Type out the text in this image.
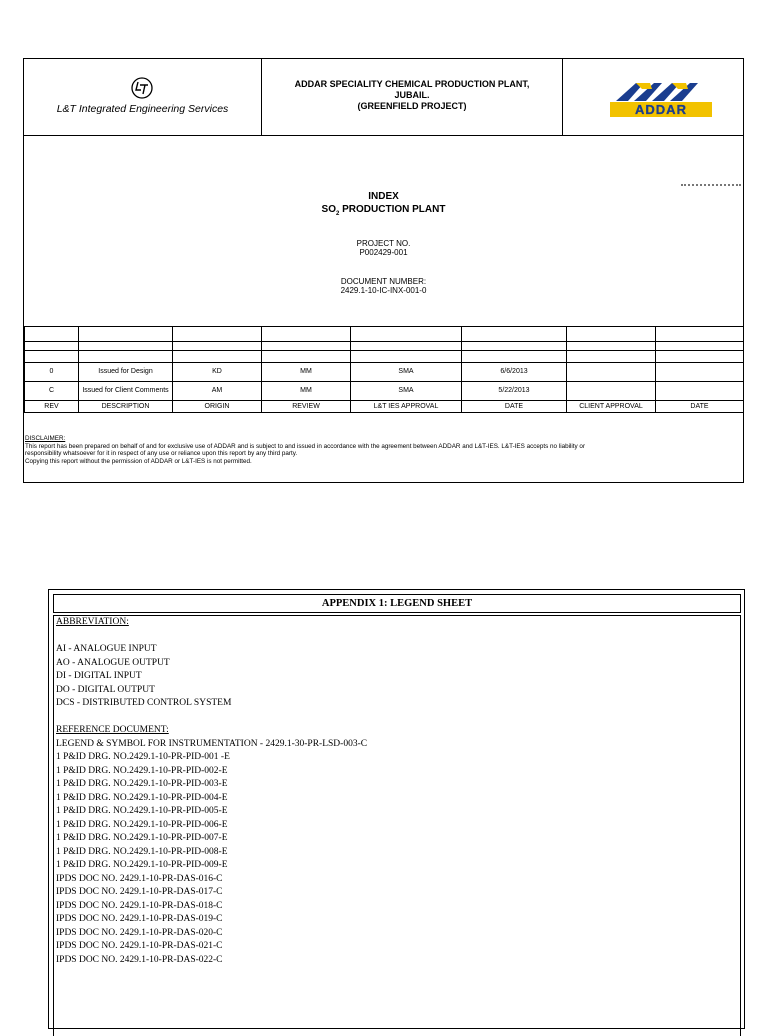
L&T Integrated Engineering Services
ADDAR SPECIALITY CHEMICAL PRODUCTION PLANT,
JUBAIL.
(GREENFIELD PROJECT)	ADDAR
INDEX
$SO_2$ PRODUCTION PLANT
PROJECT NO.
P002429-001
DOCUMENT NUMBER:
2429.1-10-IC-INX-001-0

0	Issued for Design	KD	MM	SMA	6/6/2013		
C	Issued for Client Comments	AM	MM	SMA	5/22/2013		
REV	DESCRIPTION	ORIGIN	REVIEW	L&T IES APPROVAL	DATE	CLIENT APPROVAL	DATE
DISCLAIMER:
This report has been prepared on behalf of and for exclusive use of ADDAR and is subject to and issued in accordance with the agreement between ADDAR and L&T-IES. L&T-IES accepts no liability or
responsibility whatsoever for it in respect of any use or reliance upon this report by any third party.
Copying this report without the permission of ADDAR or L&T-IES is not permitted.
APPENDIX 1: LEGEND SHEET
ABBREVIATION:
AI - ANALOGUE INPUT
AO - ANALOGUE OUTPUT
DI - DIGITAL INPUT
DO - DIGITAL OUTPUT
DCS - DISTRIBUTED CONTROL SYSTEM
REFERENCE DOCUMENT:
LEGEND & SYMBOL FOR INSTRUMENTATION - 2429.1-30-PR-LSD-003-C
1 P&ID DRG. NO.2429.1-10-PR-PID-001 -E
1 P&ID DRG. NO.2429.1-10-PR-PID-002-E
1 P&ID DRG. NO.2429.1-10-PR-PID-003-E
1 P&ID DRG. NO.2429.1-10-PR-PID-004-E
1 P&ID DRG. NO.2429.1-10-PR-PID-005-E
1 P&ID DRG. NO.2429.1-10-PR-PID-006-E
1 P&ID DRG. NO.2429.1-10-PR-PID-007-E
1 P&ID DRG. NO.2429.1-10-PR-PID-008-E
1 P&ID DRG. NO.2429.1-10-PR-PID-009-E
IPDS DOC NO. 2429.1-10-PR-DAS-016-C
IPDS DOC NO. 2429.1-10-PR-DAS-017-C
IPDS DOC NO. 2429.1-10-PR-DAS-018-C
IPDS DOC NO. 2429.1-10-PR-DAS-019-C
IPDS DOC NO. 2429.1-10-PR-DAS-020-C
IPDS DOC NO. 2429.1-10-PR-DAS-021-C
IPDS DOC NO. 2429.1-10-PR-DAS-022-C
